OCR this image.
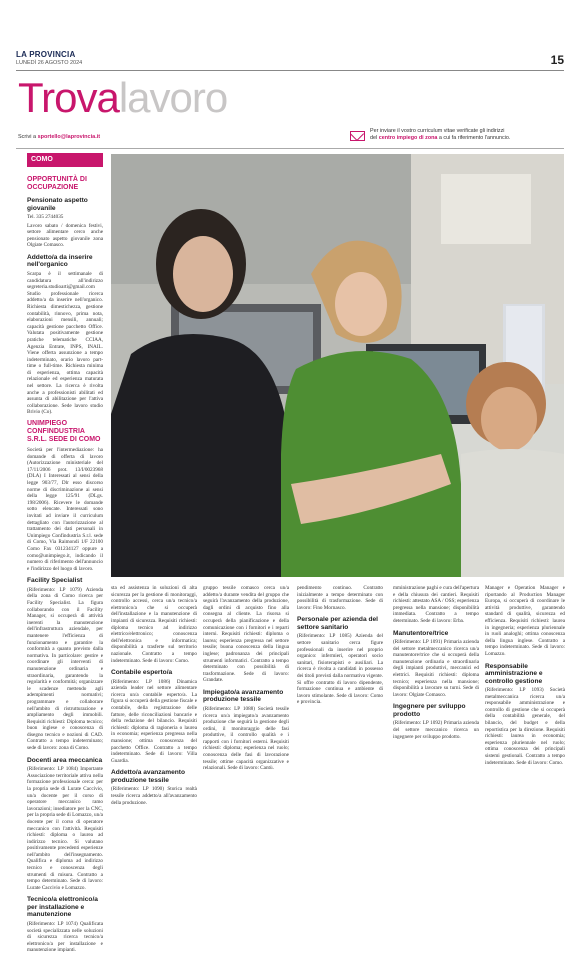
LA PROVINCIA
LUNEDÌ 26 AGOSTO 2024	15
Trovalavoro
Per inviare il vostro curriculum vitae verificate gli indirizzi
del centro impiego di zona a cui fa riferimento l'annuncio.
Scrivi a sportello@laprovincia.it
COMO
OPPORTUNITÀ DI OCCUPAZIONE
Pensionato aspetto giovanile

Tel. 335 2744035

Lavoro sabato / domenica festivi, settore alimentare cerco anche pensionato aspetto giovanile zona Olgiate Comasco.

Addetto/a da inserire nell'organico

Scarpa è il settimanale di candidatura all'indirizzo segreteria.studioarti@gmail.com Studio professionale ricerca addetto/a da inserire nell'organico. Richiesta dimestichezza, gestione contabilità, rinnovo, prima nota, elaborazioni mensili, annuali; capacità gestione pacchetto Office. Valutata positivamente gestione pratiche telematiche CCIAA, Agenzia Entrate, INPS, INAIL. Viene offerta assunzione a tempo indeterminato, orario lavoro part-time o full-time. Richiesta minima di esperienza, ottima capacità relazionale ed esperienza maturata nel settore. La ricerca è rivolta anche a professionisti abilitati ed assunta di abilitazione per l'attiva collaborazione. Sede lavoro studio Brivio (Co).

UNIMPIEGO CONFINDUSTRIA S.R.L. SEDE DI COMO

Società per l'intermediazione: ha domande di offerta di lavoro (Autorizzazione ministeriale del 17/11/2006 prot. 13/I/0023968 (DLA) I Interessati al sensi della legge 903/77, Dlr esso discorso norme di discriminazione ai sensi della legge 125/91 (DLgs. 198/2006). Ricevere le domande sotto elencate. Interessati sono invitati ad inviare il curriculum dettagliato con l'autorizzazione al trattamento dei dati personali in Unimpiego Confindustria S.r.l. sede di Como, Via Raimondi 1/F 22100 Como Fax 031234127 oppure a como@unimpiego.it, indicando il numero di riferimento dell'annuncio e l'indirizzo del luogo di lavoro.

Facility Specialist

(Riferimento: LP 1079) Azienda della zona di Como ricerca per Facility Specialist. La figura collaborando con il Facility Manager, si occuperà di attività inerenti la manutenzione dell'infrastruttura aziendale, per mantenere l'efficienza di funzionamento e garantire la conformità a quanto previsto dalla normativa. In particolare: gestire e coordinare gli interventi di manutenzione ordinaria e straordinaria, garantendo la regolarità e conformità; organizzare le scadenze mettendo agli adempimenti normativi; programmare e collaborare nell'ambito di ristrutturazione e ampliamento degli immobili. Requisiti richiesti: Diploma tecnico; buon inglese e conoscenza di disegno tecnico e nozioni di CAD. Contratto a tempo indeterminato; sede di lavoro: zona di Como.

Docenti area meccanica

(Riferimento: LP 1084) Importante Associazione territoriale attiva nella formazione professionale cerca: per la propria sede di Lurate Caccivio, un/a docente per il corso di operatore meccanico ramo lavorazioni; insediatore per la CNC, per la propria sede di Lomazzo, un/a docente per il corso di operatore meccanico con l'attività. Requisiti richiesti: diploma o laurea ad indirizzo tecnico. Si valutano positivamente precedenti esperienze nell'ambito dell'insegnamento. Qualifica e diploma ad indirizzo tecnico e conoscenza degli strumenti di misura. Contratto a tempo determinato. Sede di lavoro: Lurate Caccivio e Lomazzo.

Tecnico/a elettronico/a per installazione e manutenzione

(Riferimento: LP 1074) Qualificata società specializzata nelle soluzioni di sicurezza ricerca tecnico/a elettronico/a per installazione e manutenzione impianti.

sta ed assistenza in soluzioni di alta sicurezza per la gestione di monitoraggi, controllo accessi, cerca un/a tecnico/a elettronico/a che si occuperà dell'installazione e la manutenzione di impianti di sicurezza. Requisiti richiesti: diploma tecnico ad indirizzo elettrico/elettronico; conoscenza dell'elettronica e informatica; disponibilità a trasferte sul territorio nazionale. Contratto a tempo indeterminato. Sede di lavoro: Como.

Contabile esperto/a

(Riferimento: LP 1086) Dinamica azienda leader nel settore alimentare ricerca un/a contabile esperto/a. La figura si occuperà della gestione fiscale e contabile, della registrazione delle fatture, delle riconciliazioni bancarie e della redazione del bilancio. Requisiti richiesti: diploma di ragioneria o laurea in economia; esperienza pregressa nella mansione; ottima conoscenza del pacchetto Office. Contratto a tempo indeterminato. Sede di lavoro: Villa Guardia.

Addetto/a avanzamento produzione tessile

(Riferimento: LP 1090) Storica realtà tessile ricerca addetto/a all'avanzamento della produzione.

gruppo tessile comasco cerca un/a addetto/a durante vendita del gruppo che seguirà l'avanzamento della produzione, dagli ordini di acquisto fino alla consegna al cliente. La risorsa si occuperà della pianificazione e della comunicazione con i fornitori e i reparti interni. Requisiti richiesti: diploma o laurea; esperienza pregressa nel settore tessile; buona conoscenza della lingua inglese; padronanza dei principali strumenti informatici. Contratto a tempo determinato con possibilità di trasformazione. Sede di lavoro: Grandate.

Impiegato/a avanzamento produzione tessile

(Riferimento: LP 1088) Società tessile ricerca un/a impiegato/a avanzamento produzione che seguirà la gestione degli ordini, il monitoraggio delle fasi produttive, il controllo qualità e i rapporti con i fornitori esterni. Requisiti richiesti: diploma; esperienza nel ruolo; conoscenza delle fasi di lavorazione tessile; ottime capacità organizzative e relazionali. Sede di lavoro: Cantù.

pendimento continuo. Contratto inizialmente a tempo determinato con possibilità di trasformazione. Sede di lavoro: Fino Mornasco.

Personale per azienda del settore sanitario

(Riferimento: LP 1085) Azienda del settore sanitario cerca figure professionali da inserire nel proprio organico: infermieri, operatori socio sanitari, fisioterapisti e ausiliari. La ricerca è rivolta a candidati in possesso dei titoli previsti dalla normativa vigente. Si offre contratto di lavoro dipendente, formazione continua e ambiente di lavoro stimolante. Sede di lavoro: Como e provincia.

mministrazione paghi e cura dell'apertura e della chiusura dei cantieri. Requisiti richiesti: attestato ASA / OSS; esperienza pregressa nella mansione; disponibilità immediata. Contratto a tempo determinato. Sede di lavoro: Erba.

Manutentore/trice

(Riferimento: LP 1091) Primaria azienda del settore metalmeccanico ricerca un/a manutentore/trice che si occuperà della manutenzione ordinaria e straordinaria degli impianti produttivi, meccanici ed elettrici. Requisiti richiesti: diploma tecnico; esperienza nella mansione; disponibilità a lavorare su turni. Sede di lavoro: Olgiate Comasco.

Ingegnere per sviluppo prodotto

(Riferimento: LP 1092) Primaria azienda del settore meccanico ricerca un ingegnere per sviluppo prodotto.

Manager e Operation Manager e riportando al Production Manager Europa, si occuperà di coordinare le attività produttive, garantendo standard di qualità, sicurezza ed efficienza. Requisiti richiesti: laurea in ingegneria; esperienza pluriennale in ruoli analoghi; ottima conoscenza della lingua inglese. Contratto a tempo indeterminato. Sede di lavoro: Lomazzo.

Responsabile amministrazione e controllo gestione

(Riferimento: LP 1093) Società metalmeccanica ricerca un/a responsabile amministrazione e controllo di gestione che si occuperà della contabilità generale, del bilancio, del budget e della reportistica per la direzione. Requisiti richiesti: laurea in economia; esperienza pluriennale nel ruolo; ottima conoscenza dei principali sistemi gestionali. Contratto a tempo indeterminato. Sede di lavoro: Como.
